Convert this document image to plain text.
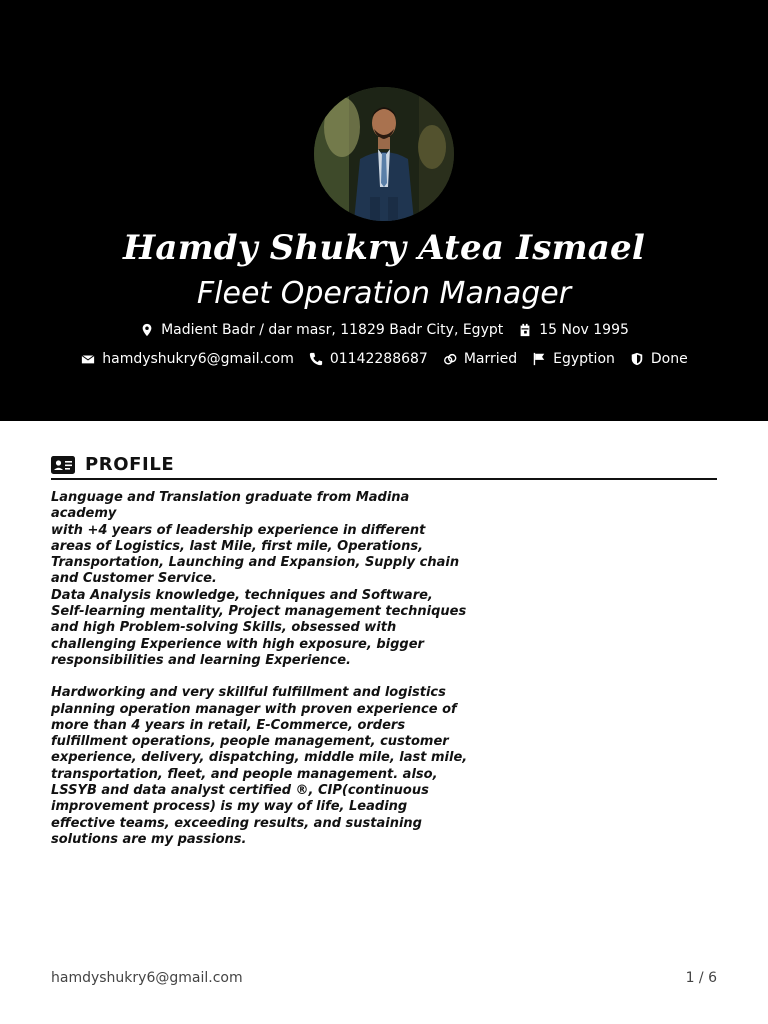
Hamdy Shukry Atea Ismael
Fleet Operation Manager
Madient Badr / dar masr, 11829 Badr City, Egypt	15 Nov 1995
hamdyshukry6@gmail.com	01142288687	Married	Egyption	Done
PROFILE

Language and Translation graduate from Madina academy

with +4 years of leadership experience in different

areas of Logistics, last Mile, first mile, Operations,

Transportation, Launching and Expansion, Supply chain

and Customer Service.

Data Analysis knowledge, techniques and Software,

Self-learning mentality, Project management techniques

and high Problem-solving Skills, obsessed with

challenging Experience with high exposure, bigger

responsibilities and learning Experience.

Hardworking and very skillful fulfillment and logistics

planning operation manager with proven experience of

more than 4 years in retail, E-Commerce, orders

fulfillment operations, people management, customer

experience, delivery, dispatching, middle mile, last mile,

transportation, fleet, and people management. also,

LSSYB and data analyst certified ®, CIP(continuous

improvement process) is my way of life, Leading

effective teams, exceeding results, and sustaining

solutions are my passions.

hamdyshukry6@gmail.com	1 / 6
